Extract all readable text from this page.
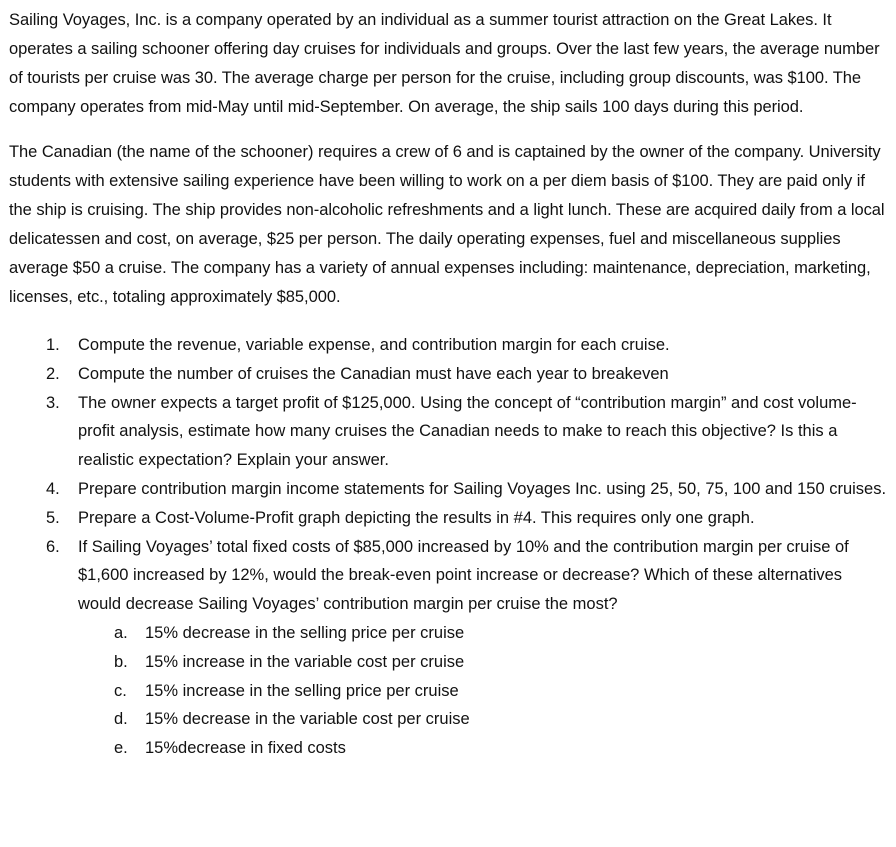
Sailing Voyages, Inc. is a company operated by an individual as a summer tourist attraction on the Great Lakes. It operates a sailing schooner offering day cruises for individuals and groups. Over the last few years, the average number of tourists per cruise was 30. The average charge per person for the cruise, including group discounts, was $100. The company operates from mid-May until mid-September. On average, the ship sails 100 days during this period.

The Canadian (the name of the schooner) requires a crew of 6 and is captained by the owner of the company. University students with extensive sailing experience have been willing to work on a per diem basis of $100. They are paid only if the ship is cruising. The ship provides non-alcoholic refreshments and a light lunch. These are acquired daily from a local delicatessen and cost, on average, $25 per person. The daily operating expenses, fuel and miscellaneous supplies average $50 a cruise. The company has a variety of annual expenses including: maintenance, depreciation, marketing, licenses, etc., totaling approximately $85,000.

1. Compute the revenue, variable expense, and contribution margin for each cruise.
2. Compute the number of cruises the Canadian must have each year to breakeven
3. The owner expects a target profit of $125,000. Using the concept of “contribution margin” and cost volume-profit analysis, estimate how many cruises the Canadian needs to make to reach this objective? Is this a realistic expectation? Explain your answer.
4. Prepare contribution margin income statements for Sailing Voyages Inc. using 25, 50, 75, 100 and 150 cruises.
5. Prepare a Cost-Volume-Profit graph depicting the results in #4. This requires only one graph.
6. If Sailing Voyages’ total fixed costs of $85,000 increased by 10% and the contribution margin per cruise of $1,600 increased by 12%, would the break-even point increase or decrease? Which of these alternatives would decrease Sailing Voyages’ contribution margin per cruise the most?
a. 15% decrease in the selling price per cruise
b. 15% increase in the variable cost per cruise
c. 15% increase in the selling price per cruise
d. 15% decrease in the variable cost per cruise
e. 15%decrease in fixed costs
